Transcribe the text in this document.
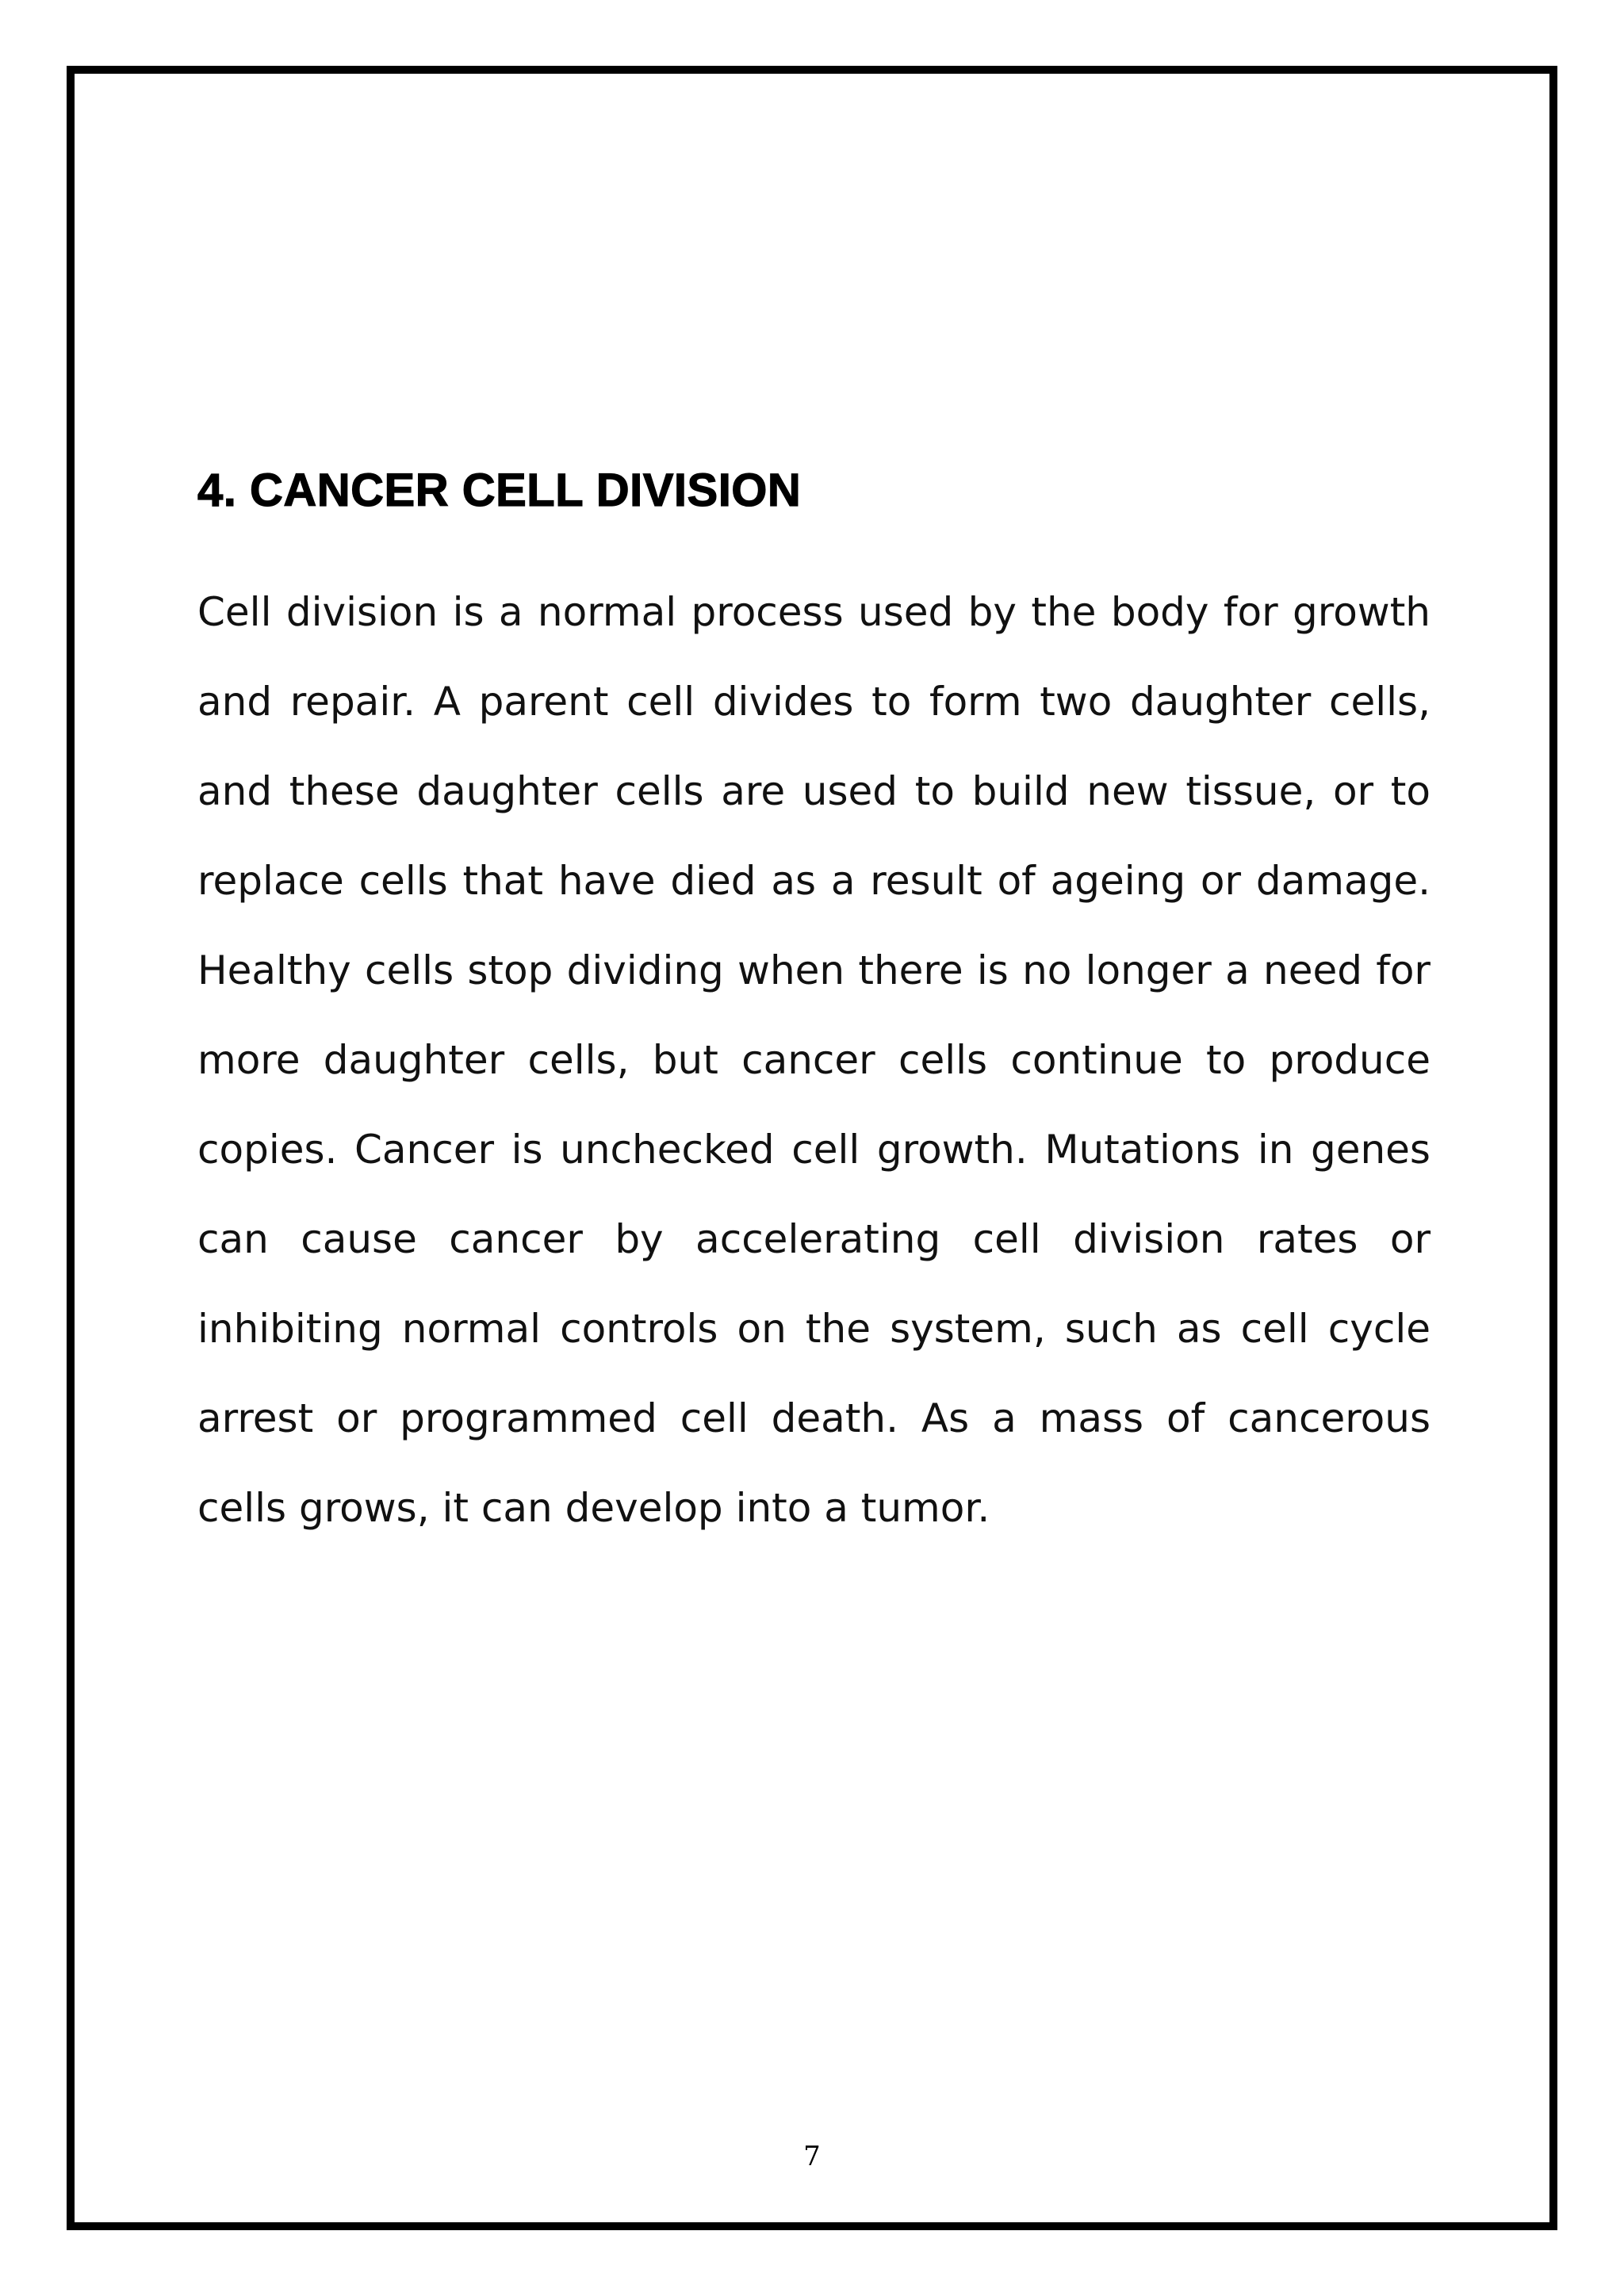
4. CANCER CELL DIVISION

Cell division is a normal process used by the body for growth and repair. A parent cell divides to form two daughter cells, and these daughter cells are used to build new tissue, or to replace cells that have died as a result of ageing or damage. Healthy cells stop dividing when there is no longer a need for more daughter cells, but cancer cells continue to produce copies. Cancer is unchecked cell growth. Mutations in genes can cause cancer by accelerating cell division rates or inhibiting normal controls on the system, such as cell cycle arrest or programmed cell death. As a mass of cancerous cells grows, it can develop into a tumor.

7
